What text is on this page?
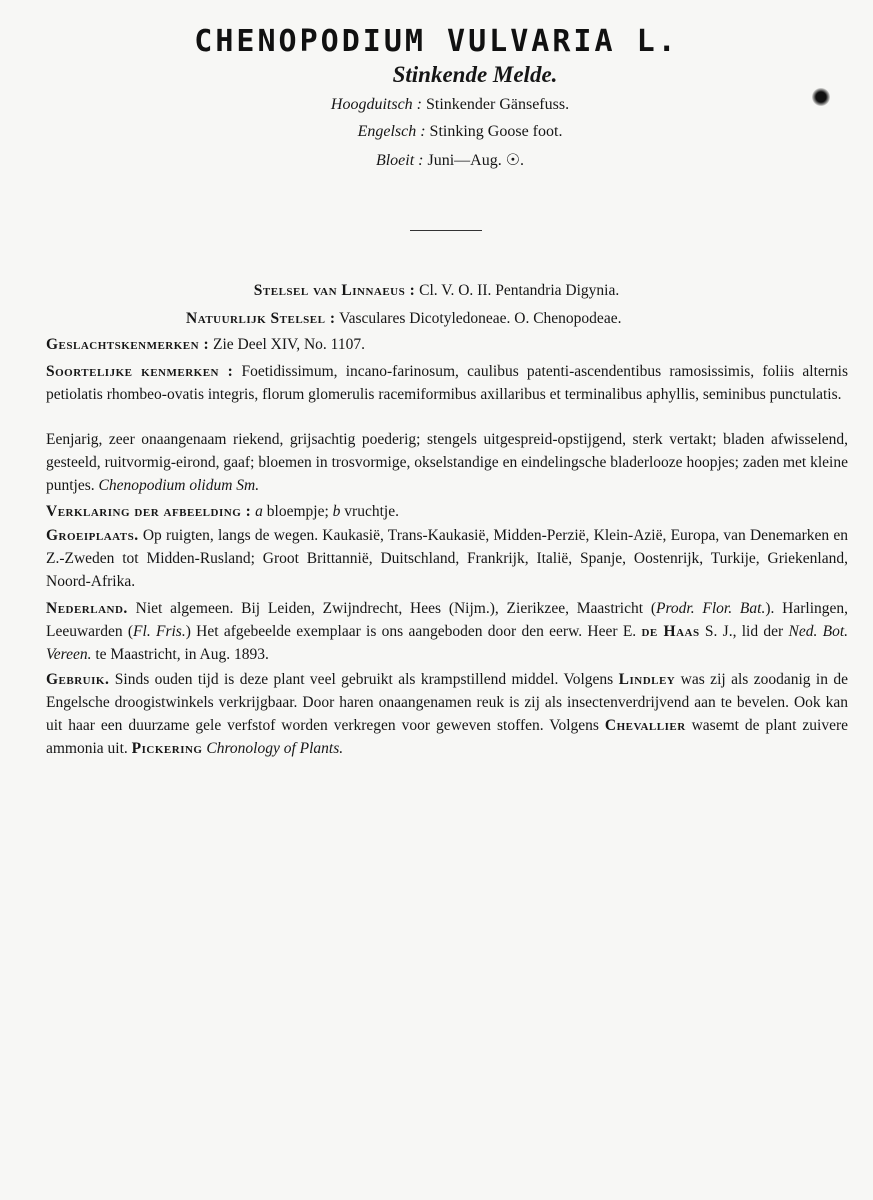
CHENOPODIUM VULVARIA L.
Stinkende Melde.
Hoogduitsch : Stinkender Gänsefuss.
Engelsch : Stinking Goose foot.
Bloeit : Juni—Aug. ☉.
Stelsel van Linnaeus : Cl. V. O. II. Pentandria Digynia.
Natuurlijk Stelsel : Vasculares Dicotyledoneae. O. Chenopodeae.
Geslachtskenmerken : Zie Deel XIV, No. 1107.
Soortelijke kenmerken : Foetidissimum, incano-farinosum, caulibus patenti-ascendentibus ramosissimis, foliis alternis petiolatis rhombeo-ovatis integris, florum glomerulis racemiformibus axillaribus et terminalibus aphyllis, seminibus punctulatis.
Eenjarig, zeer onaangenaam riekend, grijsachtig poederig; stengels uitgespreid-opstijgend, sterk vertakt; bladen afwisselend, gesteeld, ruitvormig-eirond, gaaf; bloemen in trosvormige, okselstandige en eindelingsche bladerlooze hoopjes; zaden met kleine puntjes. Chenopodium olidum Sm.
Verklaring der afbeelding : a bloempje; b vruchtje.
Groeiplaats. Op ruigten, langs de wegen. Kaukasië, Trans-Kaukasië, Midden-Perzië, Klein-Azië, Europa, van Denemarken en Z.-Zweden tot Midden-Rusland; Groot Brittannië, Duitschland, Frankrijk, Italië, Spanje, Oostenrijk, Turkije, Griekenland, Noord-Afrika.
Nederland. Niet algemeen. Bij Leiden, Zwijndrecht, Hees (Nijm.), Zierikzee, Maastricht (Prodr. Flor. Bat.). Harlingen, Leeuwarden (Fl. Fris.) Het afgebeelde exemplaar is ons aangeboden door den eerw. Heer E. de Haas S. J., lid der Ned. Bot. Vereen. te Maastricht, in Aug. 1893.
Gebruik. Sinds ouden tijd is deze plant veel gebruikt als krampstillend middel. Volgens Lindley was zij als zoodanig in de Engelsche droogistwinkels verkrijgbaar. Door haren onaangenamen reuk is zij als insectenverdrijvend aan te bevelen. Ook kan uit haar een duurzame gele verfstof worden verkregen voor geweven stoffen. Volgens Chevallier wasemt de plant zuivere ammonia uit. Pickering Chronology of Plants.
